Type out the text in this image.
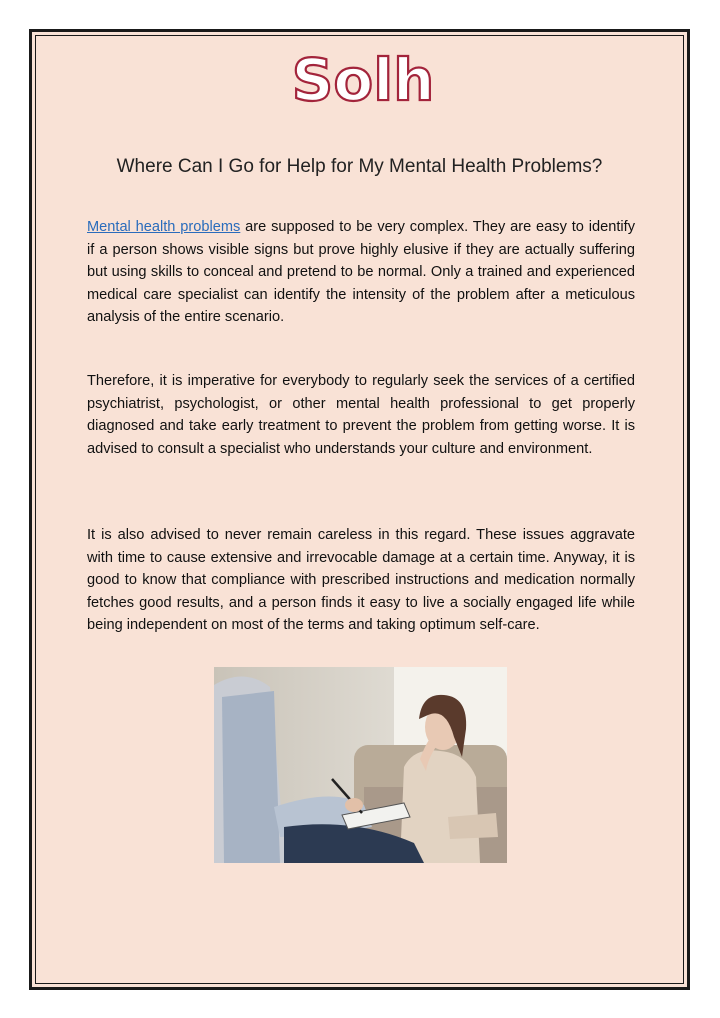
Solh
Where Can I Go for Help for My Mental Health Problems?

Mental health problems are supposed to be very complex. They are easy to identify if a person shows visible signs but prove highly elusive if they are actually suffering but using skills to conceal and pretend to be normal. Only a trained and experienced medical care specialist can identify the intensity of the problem after a meticulous analysis of the entire scenario.

Therefore, it is imperative for everybody to regularly seek the services of a certified psychiatrist, psychologist, or other mental health professional to get properly diagnosed and take early treatment to prevent the problem from getting worse. It is advised to consult a specialist who understands your culture and environment.

It is also advised to never remain careless in this regard. These issues aggravate with time to cause extensive and irrevocable damage at a certain time. Anyway, it is good to know that compliance with prescribed instructions and medication normally fetches good results, and a person finds it easy to live a socially engaged life while being independent on most of the terms and taking optimum self-care.
